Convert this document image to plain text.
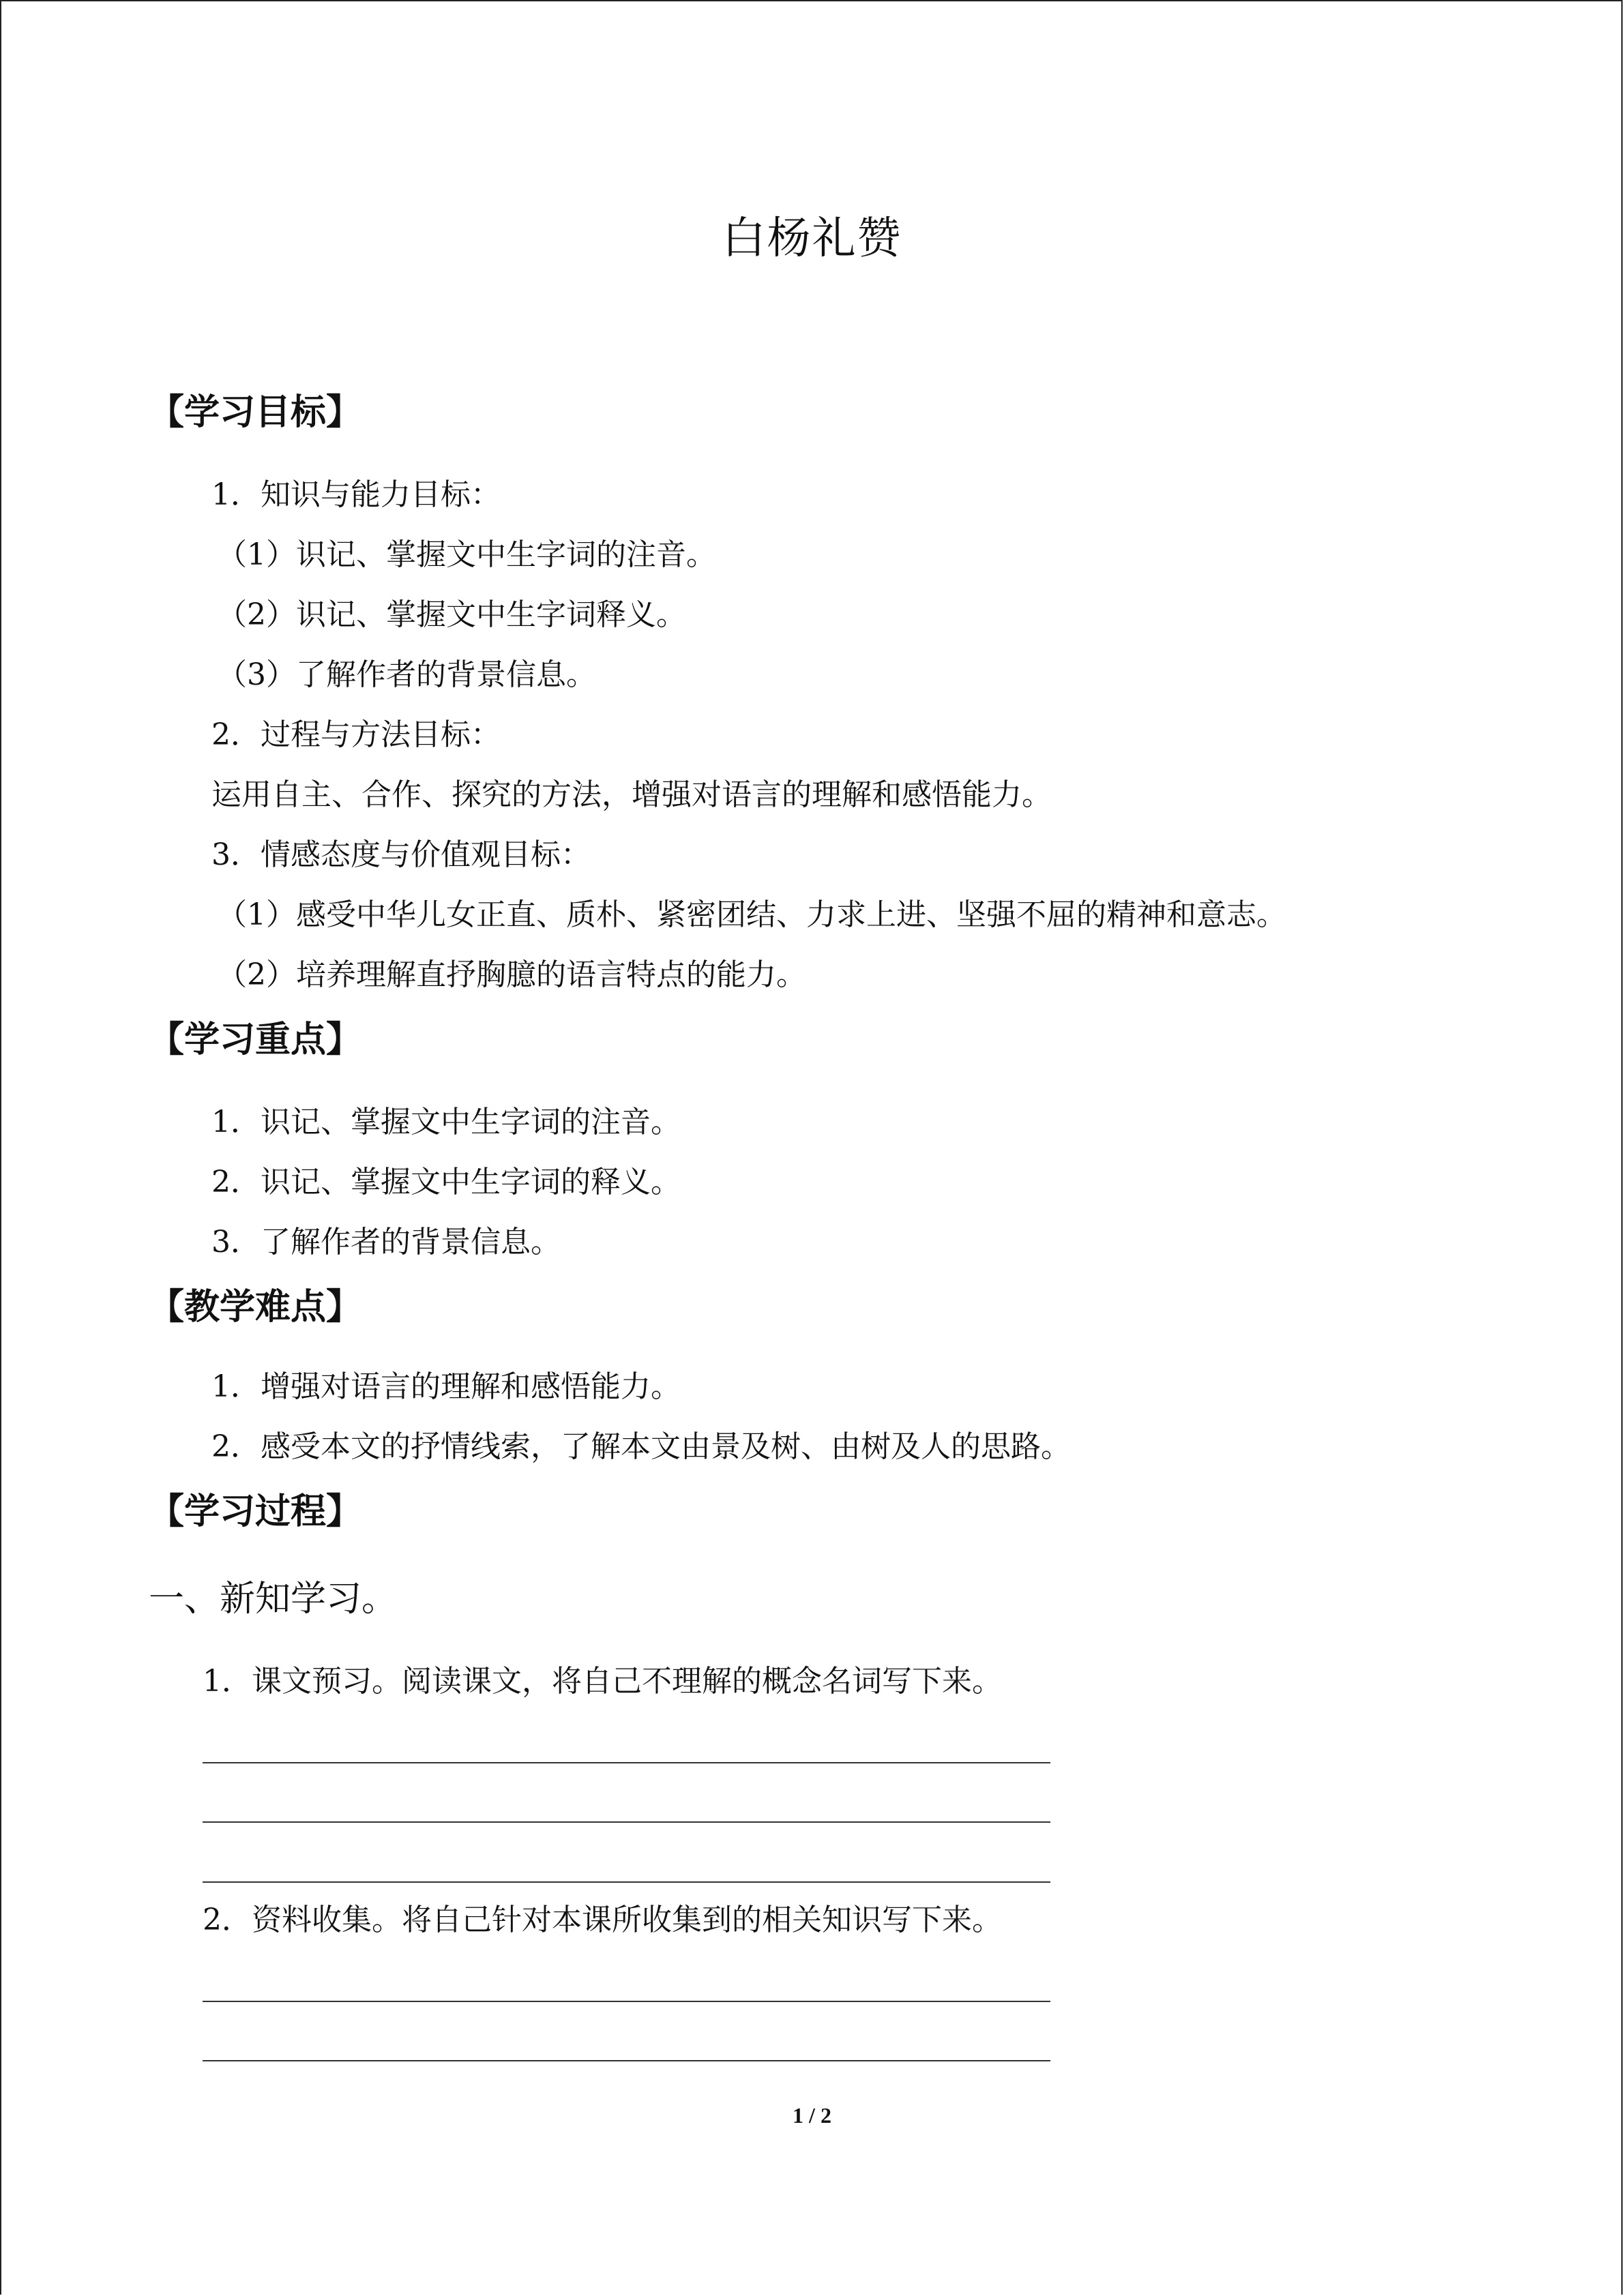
白杨礼赞
【学习目标】
1．知识与能力目标：
（1）识记、掌握文中生字词的注音。
（2）识记、掌握文中生字词释义。
（3）了解作者的背景信息。
2．过程与方法目标：
运用自主、合作、探究的方法，增强对语言的理解和感悟能力。
3．情感态度与价值观目标：
（1）感受中华儿女正直、质朴、紧密团结、力求上进、坚强不屈的精神和意志。
（2）培养理解直抒胸臆的语言特点的能力。
【学习重点】
1．识记、掌握文中生字词的注音。
2．识记、掌握文中生字词的释义。
3．了解作者的背景信息。
【教学难点】
1．增强对语言的理解和感悟能力。
2．感受本文的抒情线索，了解本文由景及树、由树及人的思路。
【学习过程】
一、新知学习。
1．课文预习。阅读课文，将自己不理解的概念名词写下来。
2．资料收集。将自己针对本课所收集到的相关知识写下来。
1 / 2
